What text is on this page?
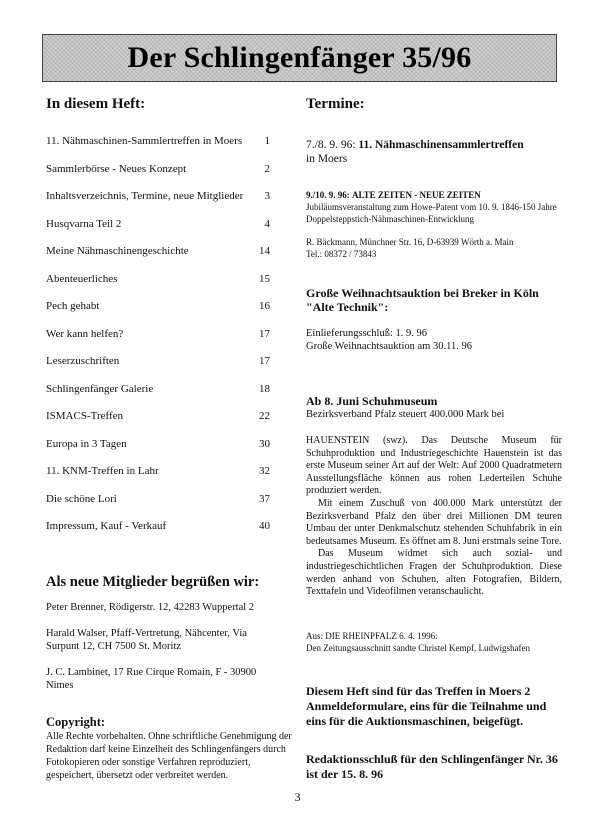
Der Schlingenfänger 35/96
In diesem Heft:
11. Nähmaschinen-Sammlertreffen in Moers	1
Sammlerbörse - Neues Konzept	2
Inhaltsverzeichnis, Termine, neue Mitglieder	3
Husqvarna Teil 2	4
Meine Nähmaschinengeschichte	14
Abenteuerliches	15
Pech gehabt	16
Wer kann helfen?	17
Leserzuschriften	17
Schlingenfänger Galerie	18
ISMACS-Treffen	22
Europa in 3 Tagen	30
11. KNM-Treffen in Lahr	32
Die schöne Lori	37
Impressum, Kauf - Verkauf	40
Als neue Mitglieder begrüßen wir:

Peter Brenner, Rödigerstr. 12, 42283 Wuppertal 2

Harald Walser, Pfaff-Vertretung, Nähcenter, Via Surpunt 12, CH 7500 St. Moritz

J. C. Lambinet, 17 Rue Cirque Romain, F - 30900 Nimes

Copyright:
Alle Rechte vorbehalten. Ohne schriftliche Genehmigung der Redaktion darf keine Einzelheit des Schlingenfängers durch Fotokopieren oder sonstige Verfahren reproduziert, gespeichert, übersetzt oder verbreitet werden.
Termine:
7./8. 9. 96: 11. Nähmaschinensammlertreffen
in Moers
9./10. 9. 96: ALTE ZEITEN - NEUE ZEITEN
Jubiläumsveranstaltung zum Howe-Patent vom 10. 9. 1846-150 Jahre Doppelsteppstich-Nähmaschinen-Entwicklung
R. Bäckmann, Münchner Str. 16, D-63939 Wörth a. Main
Tel.: 08372 / 73843
Große Weihnachtsauktion bei Breker in Köln "Alte Technik":
Einlieferungsschluß: 1. 9. 96
Große Weihnachtsauktion am 30.11. 96
Ab 8. Juni Schuhmuseum
Bezirksverband Pfalz steuert 400.000 Mark bei

HAUENSTEIN (swz). Das Deutsche Museum für Schuhproduktion und Industriegeschichte Hauenstein ist das erste Museum seiner Art auf der Welt: Auf 2000 Quadratmetern Ausstellungsfläche können aus rohen Lederteilen Schuhe produziert werden.

Mit einem Zuschuß von 400.000 Mark unterstützt der Bezirksverband Pfalz den über drei Millionen DM teuren Umbau der unter Denkmalschutz stehenden Schuhfabrik in ein bedeutsames Museum. Es öffnet am 8. Juni erstmals seine Tore.

Das Museum widmet sich auch sozial- und industriegeschichtlichen Fragen der Schuhproduktion. Diese werden anhand von Schuhen, alten Fotografien, Bildern, Texttafeln und Videofilmen veranschaulicht.

Aus: DIE RHEINPFALZ 6. 4. 1996:
Den Zeitungsausschnitt sandte Christel Kempf, Ludwigshafen
Diesem Heft sind für das Treffen in Moers 2 Anmeldeformulare, eins für die Teilnahme und eins für die Auktionsmaschinen, beigefügt.
Redaktionsschluß für den Schlingenfänger Nr. 36 ist der 15. 8. 96
3
